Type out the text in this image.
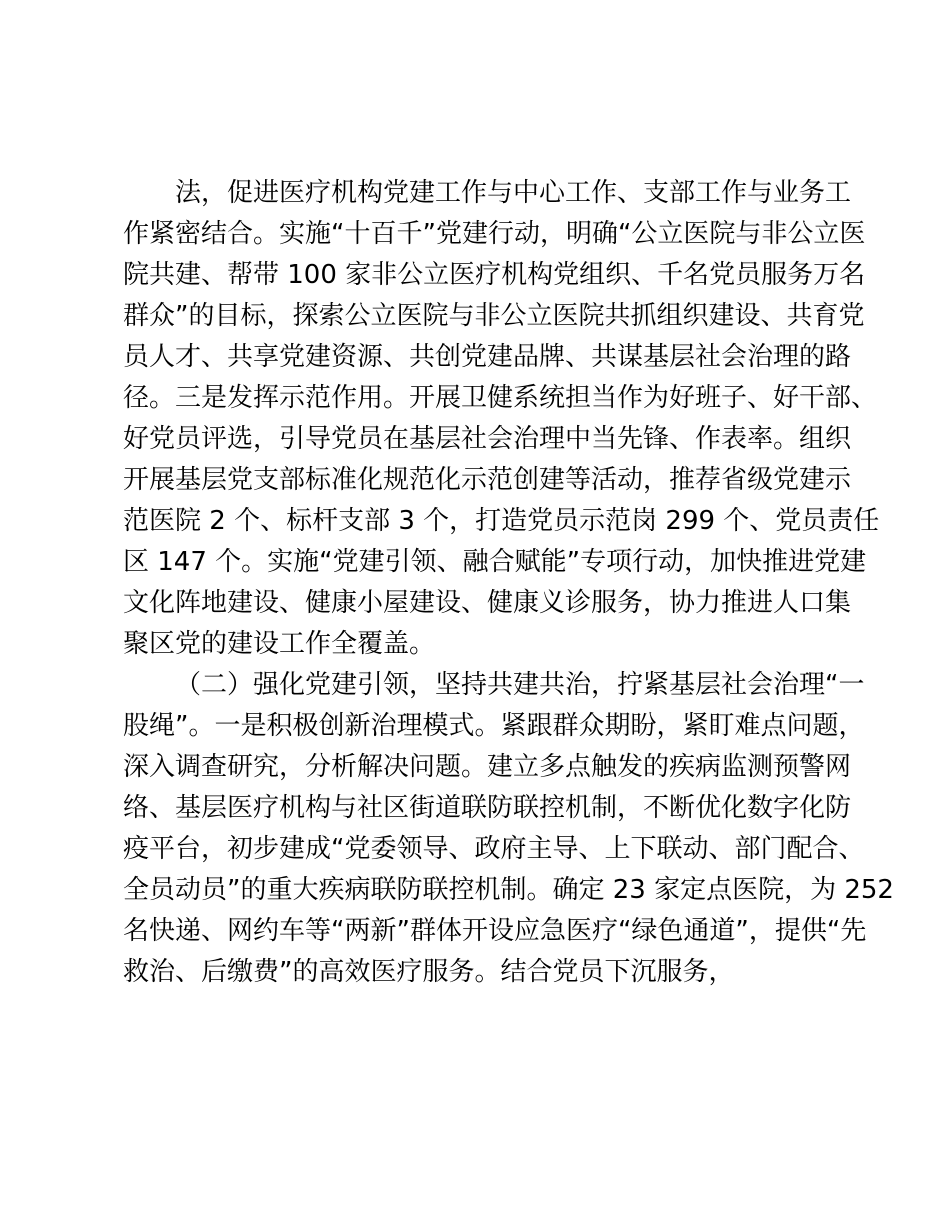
法，促进医疗机构党建工作与中心工作、支部工作与业务工
作紧密结合。实施“十百千”党建行动，明确“公立医院与非公立医
院共建、帮带 100 家非公立医疗机构党组织、千名党员服务万名
群众”的目标，探索公立医院与非公立医院共抓组织建设、共育党
员人才、共享党建资源、共创党建品牌、共谋基层社会治理的路
径。三是发挥示范作用。开展卫健系统担当作为好班子、好干部、
好党员评选，引导党员在基层社会治理中当先锋、作表率。组织
开展基层党支部标准化规范化示范创建等活动，推荐省级党建示
范医院 2 个、标杆支部 3 个，打造党员示范岗 299 个、党员责任
区 147 个。实施“党建引领、融合赋能”专项行动，加快推进党建
文化阵地建设、健康小屋建设、健康义诊服务，协力推进人口集
聚区党的建设工作全覆盖。
（二）强化党建引领，坚持共建共治，拧紧基层社会治理“一
股绳”。一是积极创新治理模式。紧跟群众期盼，紧盯难点问题，
深入调查研究，分析解决问题。建立多点触发的疾病监测预警网
络、基层医疗机构与社区街道联防联控机制，不断优化数字化防
疫平台，初步建成“党委领导、政府主导、上下联动、部门配合、
全员动员”的重大疾病联防联控机制。确定 23 家定点医院，为 252
名快递、网约车等“两新”群体开设应急医疗“绿色通道”，提供“先
救治、后缴费”的高效医疗服务。结合党员下沉服务，
